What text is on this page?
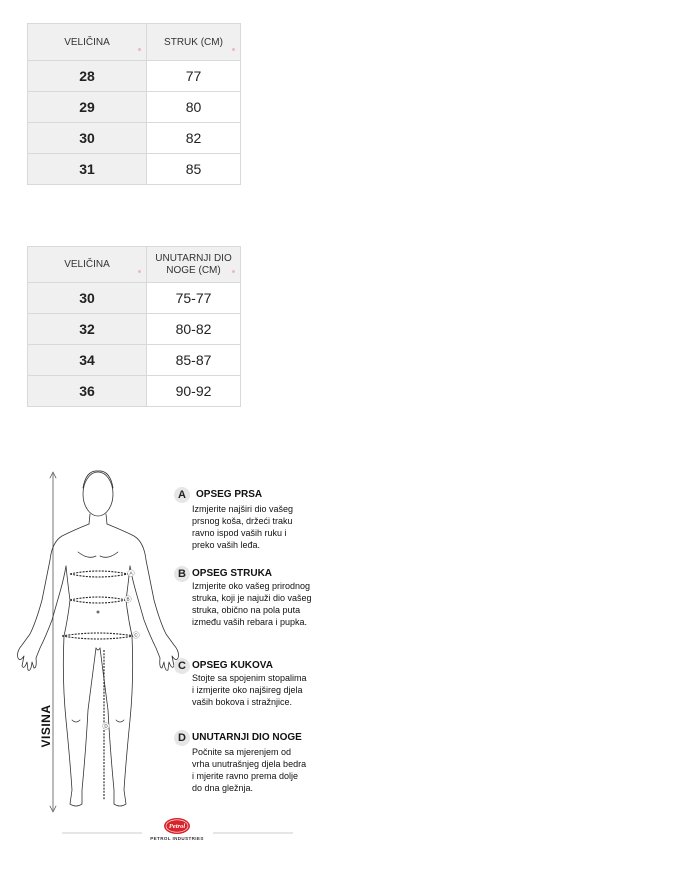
VELIČINA	STRUK (CM)

28	77
29	80
30	82
31	85
VELIČINA	UNUTARNJI DIO
NOGE (CM)

30	75-77
32	80-82
34	85-87
36	90-92
A
B
C
D
Petrol
VISINA
A	OPSEG PRSA
Izmjerite najširi dio vašeg
prsnog koša, držeći traku
ravno ispod vaših ruku i
preko vaših leđa.
B OPSEG STRUKA
Izmjerite oko vašeg prirodnog
struka, koji je najuži dio vašeg
struka, obično na pola puta
između vaših rebara i pupka.
C OPSEG KUKOVA
Stojte sa spojenim stopalima
i izmjerite oko najšireg djela
vaših bokova i stražnjice.
D UNUTARNJI DIO NOGE
Počnite sa mjerenjem od
vrha unutrašnjeg djela bedra
i mjerite ravno prema dolje
do dna gležnja.
PETROL INDUSTRIES
